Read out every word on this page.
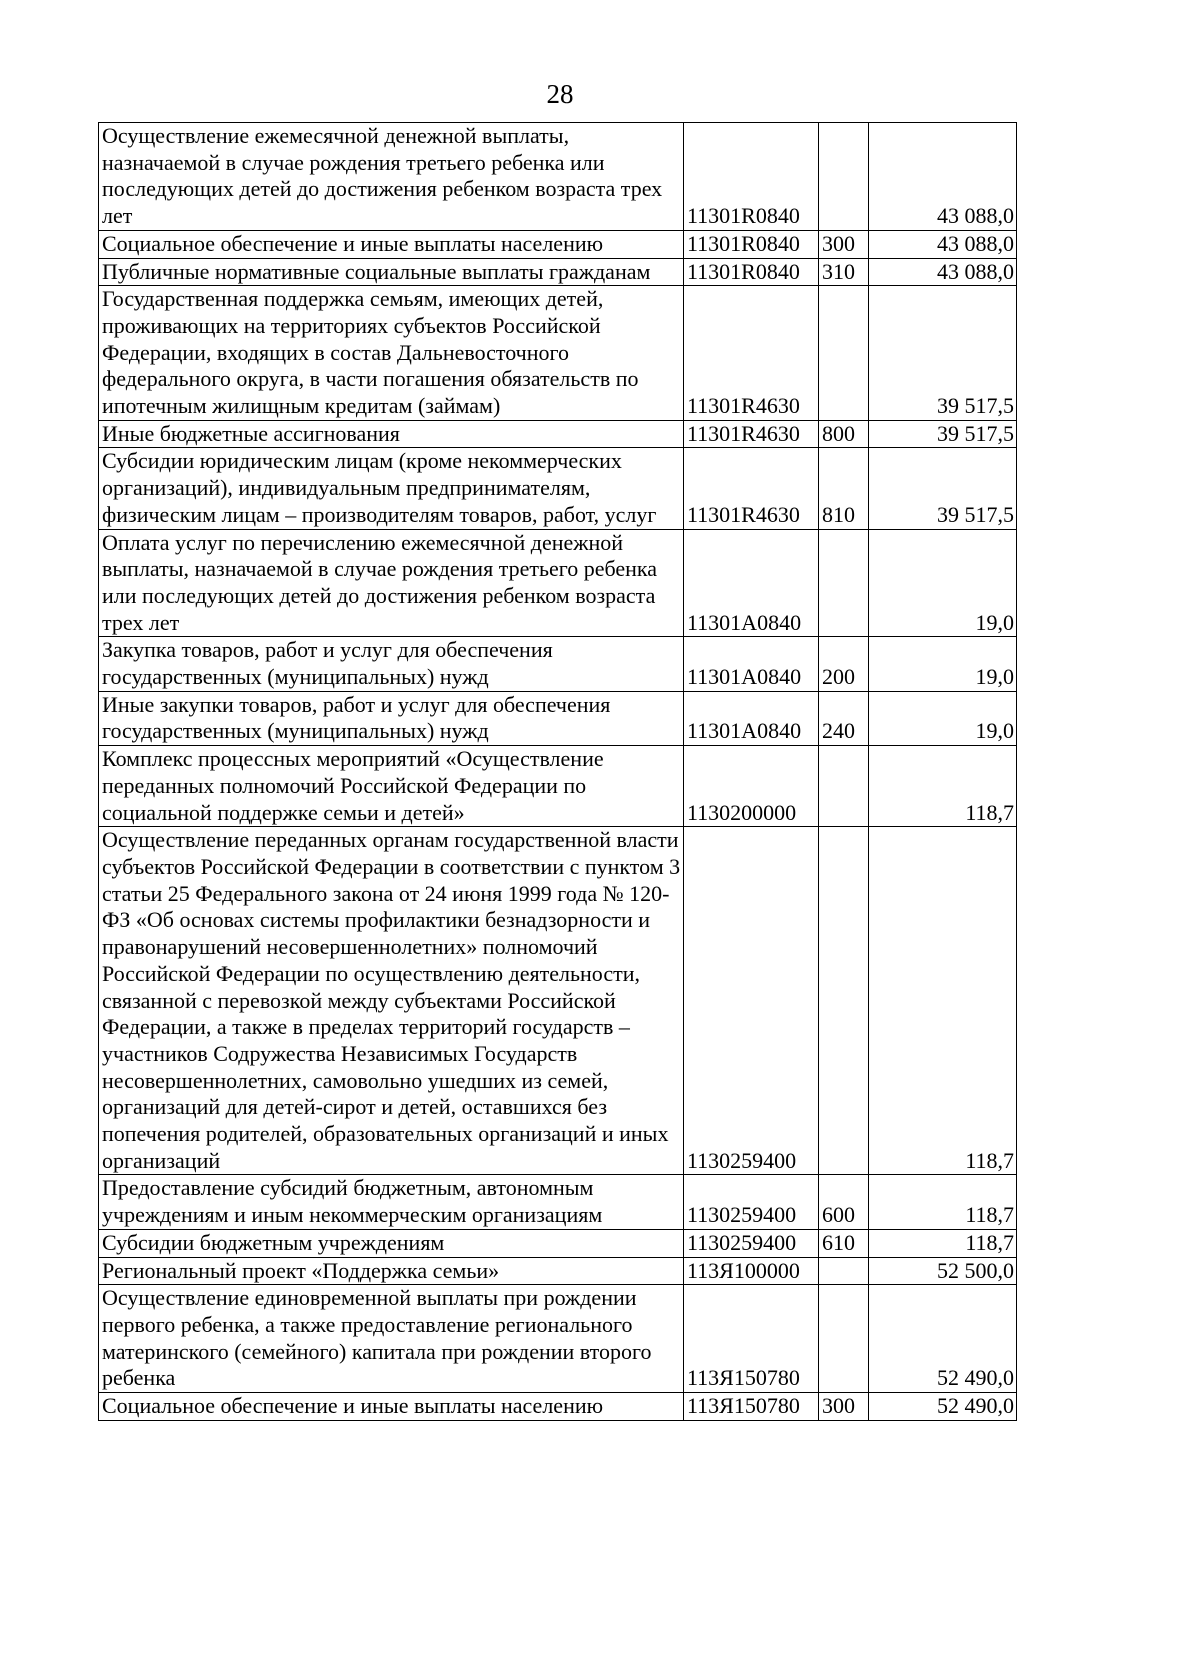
28
Осуществление ежемесячной денежной выплаты, назначаемой в случае рождения третьего ребенка или последующих детей до достижения ребенком возраста трех лет	11301R0840		43 088,0
Социальное обеспечение и иные выплаты населению	11301R0840	300	43 088,0
Публичные нормативные социальные выплаты гражданам	11301R0840	310	43 088,0
Государственная поддержка семьям, имеющих детей, проживающих на территориях субъектов Российской Федерации, входящих в состав Дальневосточного федерального округа, в части погашения обязательств по ипотечным жилищным кредитам (займам)	11301R4630		39 517,5
Иные бюджетные ассигнования	11301R4630	800	39 517,5
Субсидии юридическим лицам (кроме некоммерческих организаций), индивидуальным предпринимателям, физическим лицам – производителям товаров, работ, услуг	11301R4630	810	39 517,5
Оплата услуг по перечислению ежемесячной денежной выплаты, назначаемой в случае рождения третьего ребенка или последующих детей до достижения ребенком возраста трех лет	11301А0840		19,0
Закупка товаров, работ и услуг для обеспечения государственных (муниципальных) нужд	11301А0840	200	19,0
Иные закупки товаров, работ и услуг для обеспечения государственных (муниципальных) нужд	11301А0840	240	19,0
Комплекс процессных мероприятий «Осуществление переданных полномочий Российской Федерации по социальной поддержке семьи и детей»	1130200000		118,7
Осуществление переданных органам государственной власти субъектов Российской Федерации в соответствии с пунктом 3 статьи 25 Федерального закона от 24 июня 1999 года № 120-ФЗ «Об основах системы профилактики безнадзорности и правонарушений несовершеннолетних» полномочий Российской Федерации по осуществлению деятельности, связанной с перевозкой между субъектами Российской Федерации, а также в пределах территорий государств – участников Содружества Независимых Государств несовершеннолетних, самовольно ушедших из семей, организаций для детей-сирот и детей, оставшихся без попечения родителей, образовательных организаций и иных организаций	1130259400		118,7
Предоставление субсидий бюджетным, автономным учреждениям и иным некоммерческим организациям	1130259400	600	118,7
Субсидии бюджетным учреждениям	1130259400	610	118,7
Региональный проект «Поддержка семьи»	113Я100000		52 500,0
Осуществление единовременной выплаты при рождении первого ребенка, а также предоставление регионального материнского (семейного) капитала при рождении второго ребенка	113Я150780		52 490,0
Социальное обеспечение и иные выплаты населению	113Я150780	300	52 490,0
